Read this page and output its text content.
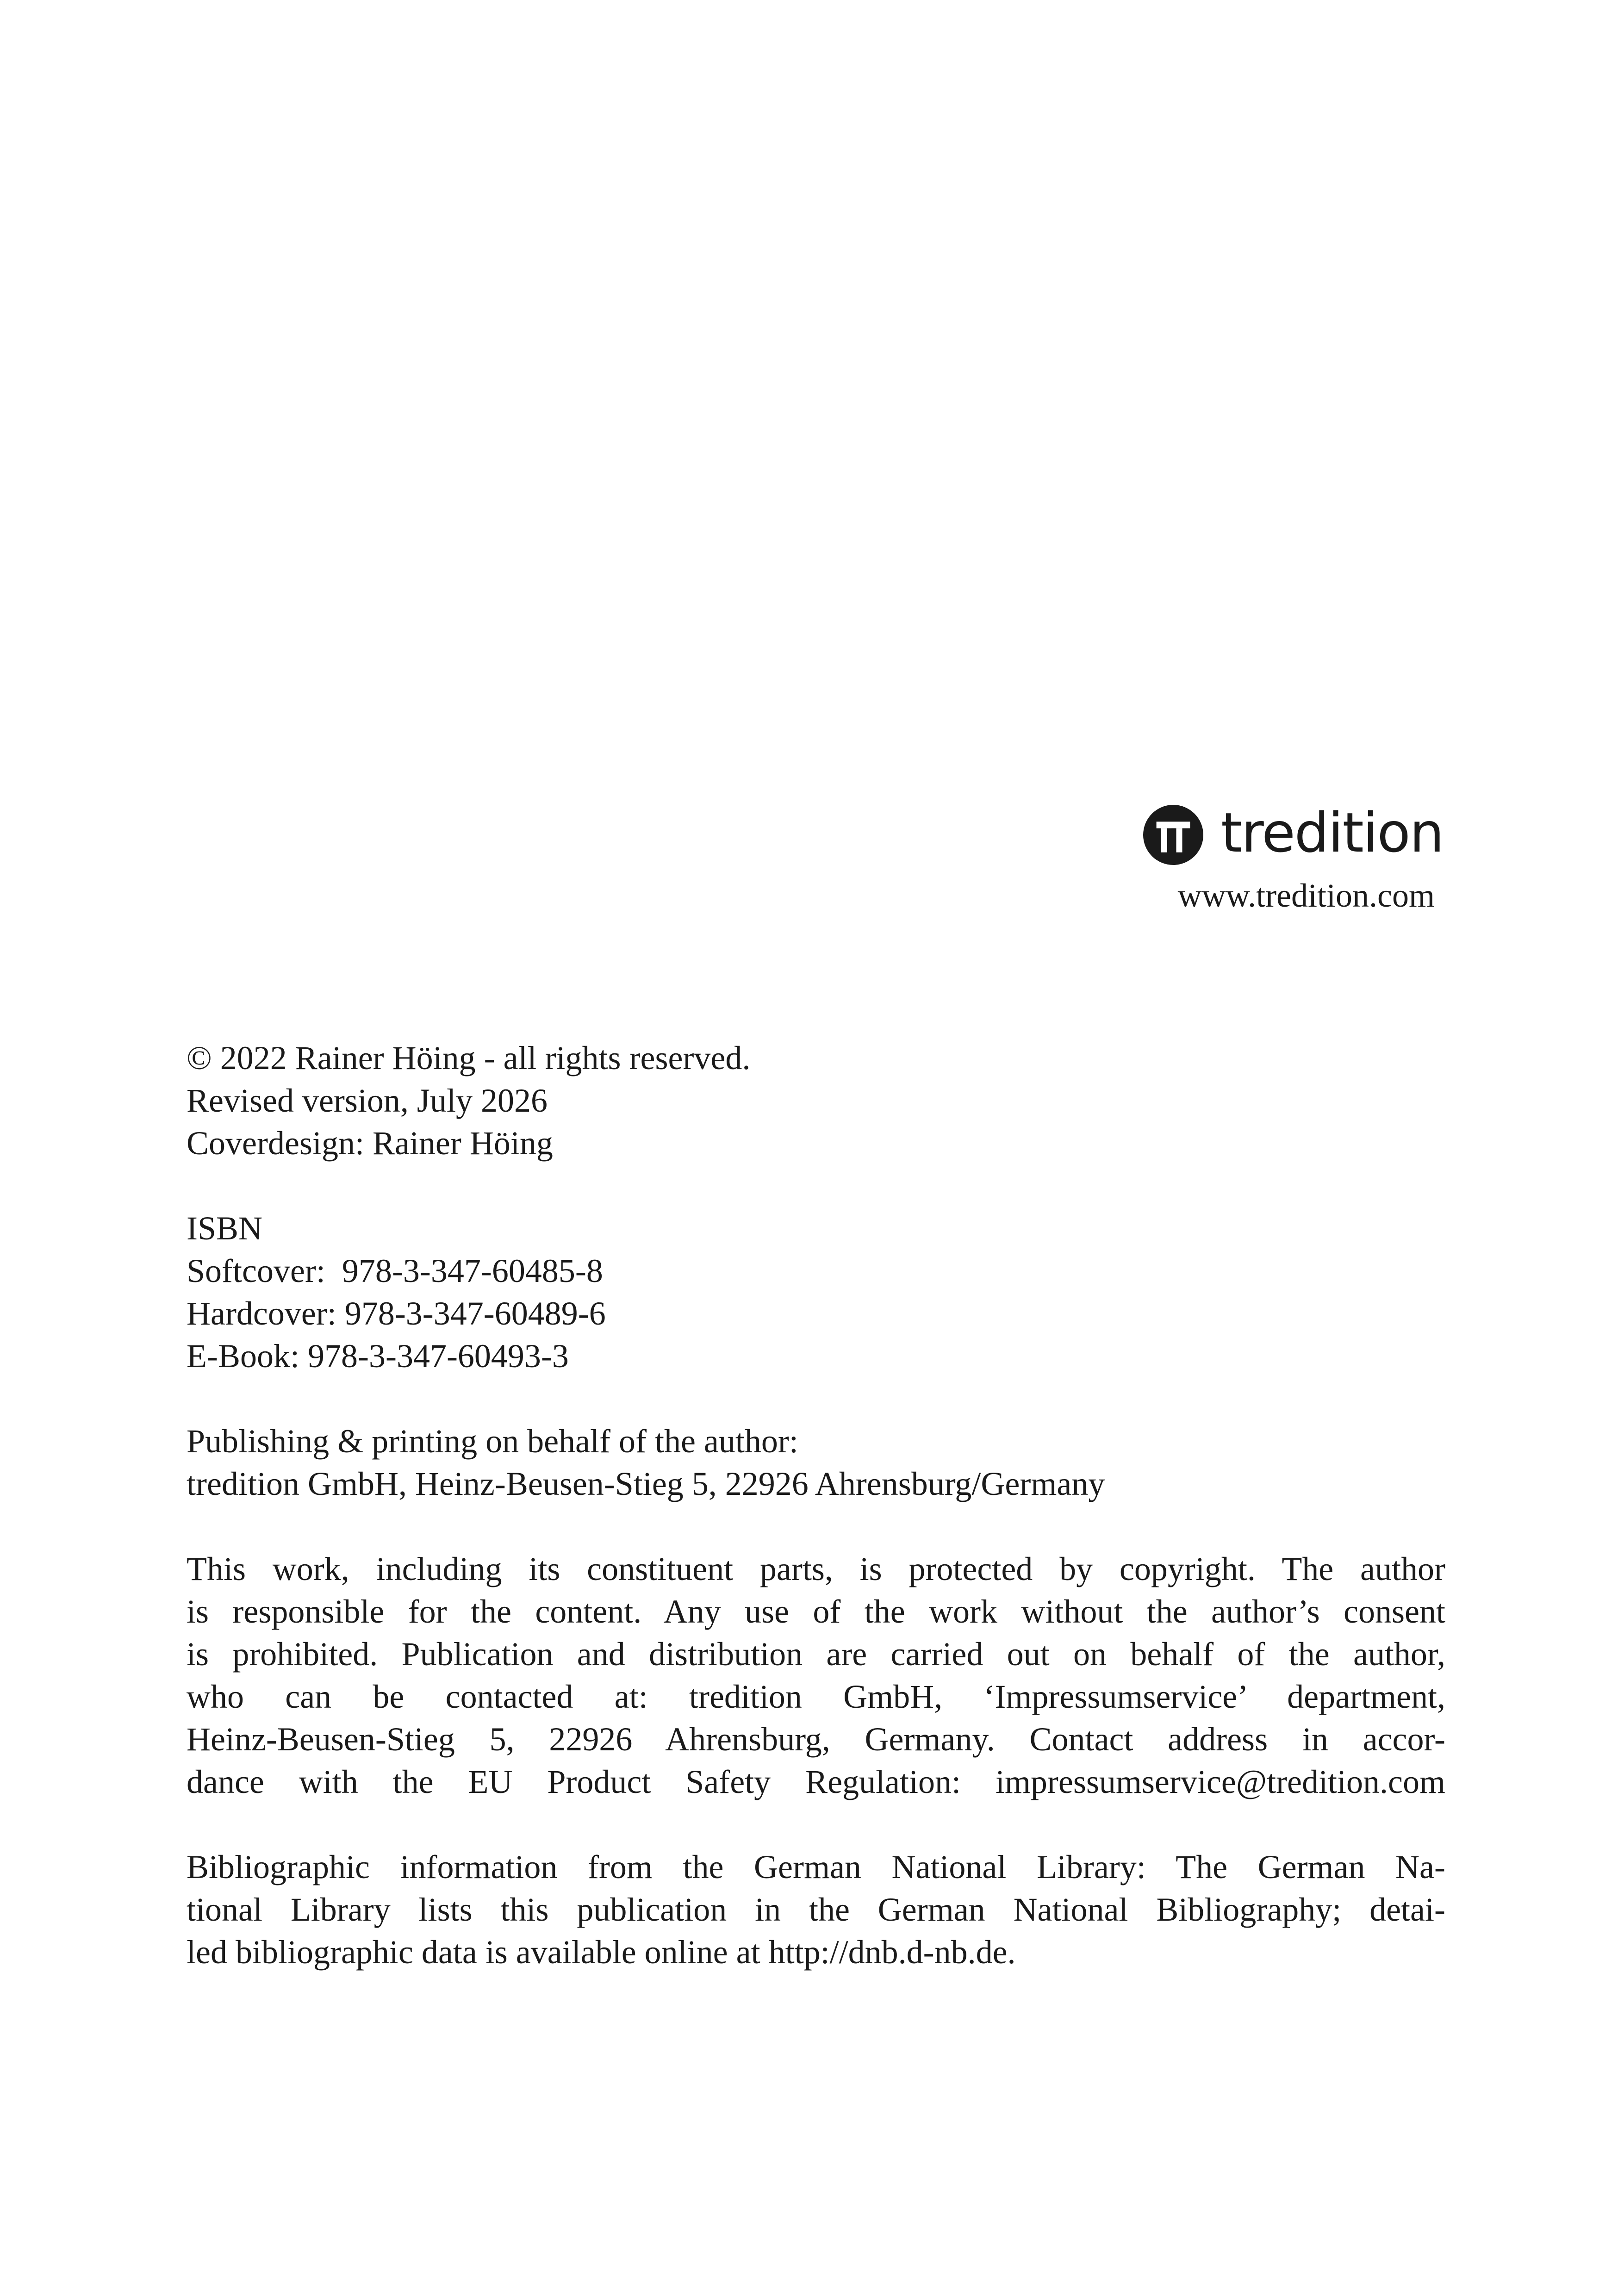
tredition
www.tredition.com
© 2022 Rainer Höing - all rights reserved.
Revised version, July 2026
Coverdesign: Rainer Höing
ISBN
Softcover:  978-3-347-60485-8
Hardcover: 978-3-347-60489-6
E-Book: 978-3-347-60493-3
Publishing & printing on behalf of the author:
tredition GmbH, Heinz-Beusen-Stieg 5, 22926 Ahrensburg/Germany
This work, including its constituent parts, is protected by copyright. The author
is responsible for the content. Any use of the work without the author’s consent
is prohibited. Publication and distribution are carried out on behalf of the author,
who can be contacted at: tredition GmbH, ‘Impressumservice’ department,
Heinz-Beusen-Stieg 5, 22926 Ahrensburg, Germany. Contact address in accor-
dance with the EU Product Safety Regulation: impressumservice@tredition.com
Bibliographic information from the German National Library: The German Na-
tional Library lists this publication in the German National Bibliography; detai-
led bibliographic data is available online at http://dnb.d-nb.de.
